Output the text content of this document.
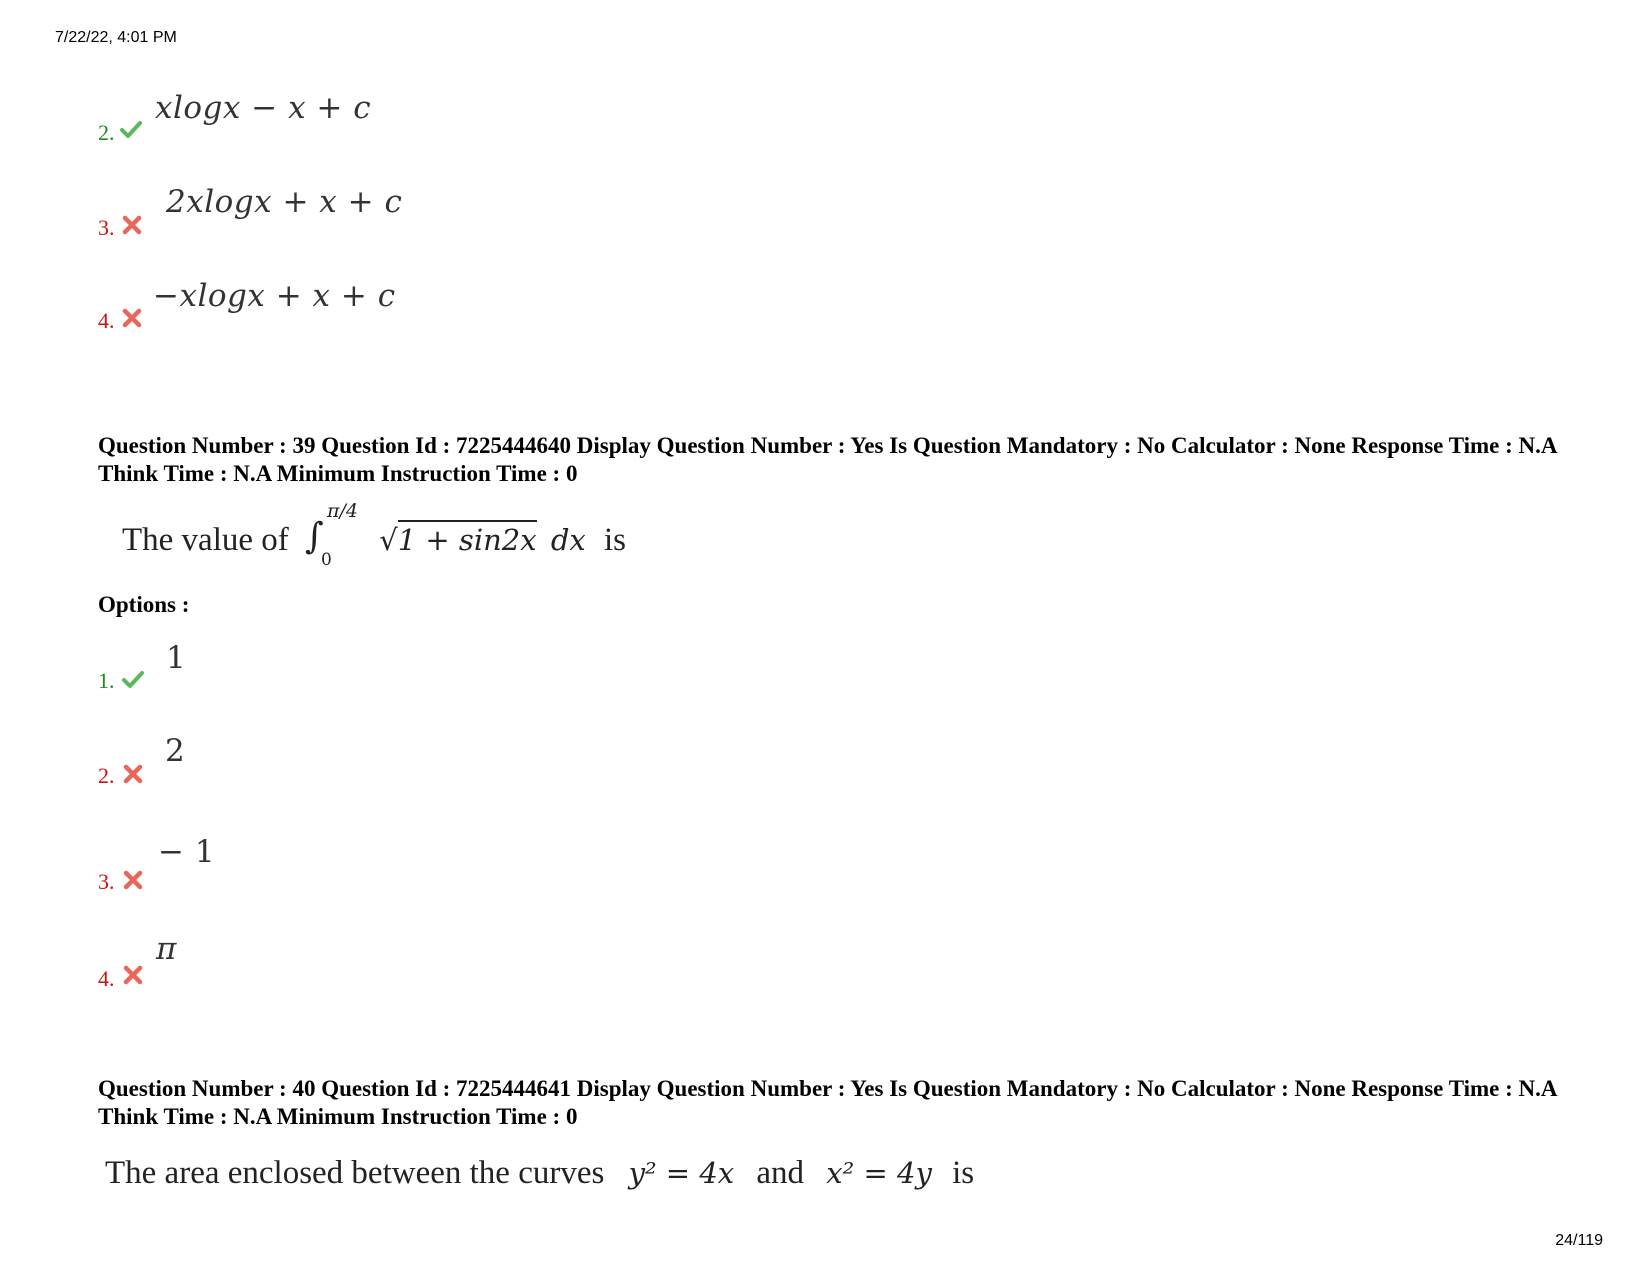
7/22/22, 4:01 PM
2.
xlogx − x + c
3.
2xlogx + x + c
4.
−xlogx + x + c
Question Number : 39 Question Id : 7225444640 Display Question Number : Yes Is Question Mandatory : No Calculator : None Response Time : N.A Think Time : N.A Minimum Instruction Time : 0
The value of ∫
π/4
0
√1 + sin2x dx is
Options :
1.
1
2.
2
3.
− 1
4.
π
Question Number : 40 Question Id : 7225444641 Display Question Number : Yes Is Question Mandatory : No Calculator : None Response Time : N.A Think Time : N.A Minimum Instruction Time : 0
The area enclosed between the curves y² = 4x and x² = 4y is
24/119
